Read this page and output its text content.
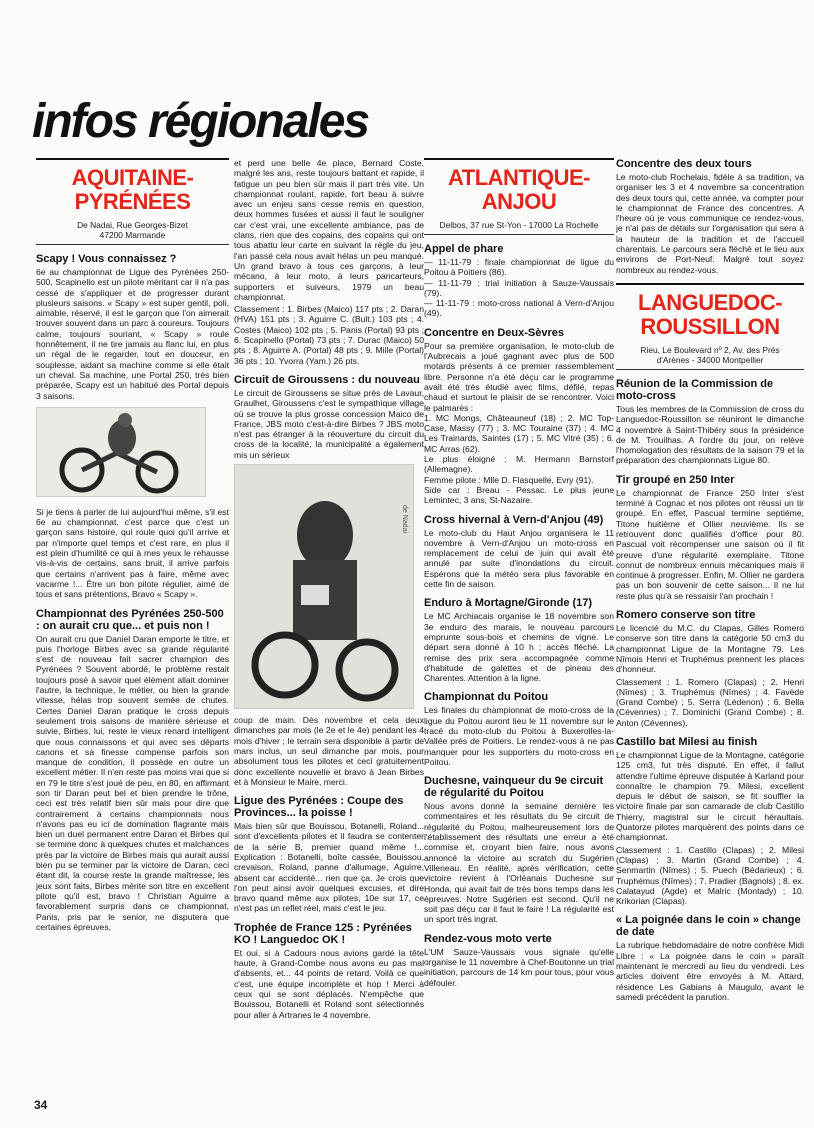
infos régionales
AQUITAINE-
PYRÉNÉES
De Nadai, Rue Georges-Bizet
47200 Marmande
Scapy ! Vous connaissez ?
6e au championnat de Ligue des Pyrénées 250-500, Scapinello est un pilote méritant car il n'a pas cessé de s'appliquer et de progresser durant plusieurs saisons. « Scapy » est super gentil, poli, aimable, réservé, il est le garçon que l'on aimerait trouver souvent dans un parc à coureurs. Toujours calme, toujours souriant, « Scapy » roule honnêtement, il ne tire jamais au flanc lui, en plus un régal de le regarder, tout en douceur, en souplesse, aidant sa machine comme si elle était un cheval. Sa machine, une Portal 250, très bien préparée, Scapy est un habitué des Portal depuis 3 saisons.
Si je tiens à parler de lui aujourd'hui même, s'il est 6e au championnat, c'est parce que c'est un garçon sans histoire, qui roule quoi qu'il arrive et par n'importe quel temps et c'est rare, en plus il est plein d'humilité ce qui à mes yeux le rehausse vis-à-vis de certains, sans bruit, il arrive parfois que certains n'arrivent pas à faire, même avec vacarme !... Être un bon pilote régulier, aimé de tous et sans prétentions, Bravo « Scapy ».
Championnat des Pyrénées 250-500 : on aurait cru que... et puis non !
On aurait cru que Daniel Daran emporte le titre, et puis l'horloge Birbes avec sa grande régularité s'est de nouveau fait sacrer champion des Pyrénées ? Souvent abordé, le problème restait toujours posé à savoir quel élément allait dominer l'autre, la technique, le métier, ou bien la grande vitesse, hélas trop souvent semée de chutes. Certes Daniel Daran pratique le cross depuis seulement trois saisons de manière sérieuse et suivie, Birbes, lui, reste le vieux renard intelligent que nous connaissons et qui avec ses départs canons et sa finesse compense parfois son manque de condition, il possède en outre un excellent métier. Il n'en reste pas moins vrai que si en 79 le titre s'est joué de peu, en 80, en affirmant son tir Daran peut bel et bien prendre le trône, ceci est très relatif bien sûr mais pour dire que contrairement à certains championnats nous n'avons pas eu ici de domination flagrante mais bien un duel permanent entre Daran et Birbes qui se termine donc à quelques chutes et malchances près par la victoire de Birbes mais qui aurait aussi bien pu se terminer par la victoire de Daran, ceci étant dit, la course reste la grande maîtresse, les jeux sont faits, Birbes mérite son titre en excellent pilote qu'il est, bravo ! Christian Aguirre a favorablement surpris dans ce championnat, Panis, pris par le senior, ne disputera que certaines épreuves,
et perd une belle 4e place, Bernard Coste, malgré les ans, reste toujours battant et rapide, il fatigue un peu bien sûr mais il part très vite. Un championnat roulant, rapide, fort beau à suivre avec un enjeu sans cesse remis en question, deux hommes fusées et aussi il faut le souligner car c'est vrai, une excellente ambiance, pas de clans, rien que des copains, des copains qui ont tous abattu leur carte en suivant la règle du jeu, l'an passé cela nous avait hélas un peu manqué. Un grand bravo à tous ces garçons, à leur mécano, à leur moto, à leurs pancarteurs, supporters et suiveurs, 1979 un beau championnat.
Classement : 1. Birbes (Maico) 117 pts ; 2. Daran (HVA) 151 pts ; 3. Aguirre C. (Bult.) 103 pts ; 4. Costes (Maico) 102 pts ; 5. Panis (Portal) 93 pts ; 6. Scapinello (Portal) 73 pts ; 7. Durac (Maico) 50 pts ; 8. Aguirre A. (Portal) 48 pts ; 9. Mille (Portal) 36 pts ; 10. Yvorra (Yam.) 26 pts.
Circuit de Giroussens : du nouveau
Le circuit de Giroussens se situe près de Lavaur, Graulhet, Giroussens c'est le sympathique village où se trouve la plus grosse concession Maico de France, JBS moto c'est-à-dire Birbes ? JBS moto n'est pas étranger à la réouverture du circuit du cross de la localité, la municipalité a également mis un sérieux
de Nadai
coup de main. Dès novembre et cela deux dimanches par mois (le 2e et le 4e) pendant les 4 mois d'hiver ; le terrain sera disponible à partir de mars inclus, un seul dimanche par mois, pour absolument tous les pilotes et ceci gratuitement donc excellente nouvelle et bravo à Jean Birbes et à Monsieur le Maire, merci.
Ligue des Pyrénées : Coupe des Provinces... la poisse !
Mais bien sûr que Bouissou, Botanelli, Roland... sont d'excellents pilotes et il faudra se contenter de la série B, premier quand même !... Explication : Botanelli, boîte cassée, Bouissou, crevaison, Roland, panne d'allumage, Aguirre, absent car accidenté... rien que ça. Je crois que l'on peut ainsi avoir quelques excuses, et dire bravo quand même aux pilotes, 10e sur 17, ce n'est pas un reflet réel, mais c'est le jeu.
Trophée de France 125 : Pyrénées KO ! Languedoc OK !
Et oui, si à Cadours nous avions gardé la tête haute, à Grand-Combe nous avons eu pas mal d'absents, et... 44 points de retard. Voilà ce que c'est, une équipe incomplète et hop ! Merci à ceux qui se sont déplacés. N'empêche que Bouissou, Botanelli et Roland sont sélectionnés pour aller à Artranes le 4 novembre.
ATLANTIQUE-
ANJOU
Delbos, 37 rue St-Yon - 17000 La Rochelle
Appel de phare
— 11-11-79 : finale championnat de ligue du Poitou à Poitiers (86).
— 11-11-79 : trial initiation à Sauze-Vaussais (79).
— 11-11-79 : moto-cross national à Vern-d'Anjou (49).
Concentre en Deux-Sèvres
Pour sa première organisation, le moto-club de l'Aubrecais a joué gagnant avec plus de 500 motards présents à ce premier rassemblement libre. Personne n'a été déçu car le programme avait été très étudié avec films, défilé, repas chaud et surtout le plaisir de se rencontrer. Voici le palmarès :
1. MC Mongs, Châteauneuf (18) ; 2. MC Top-Case, Massy (77) ; 3. MC Touraine (37) ; 4. MC Les Trainards, Saintes (17) ; 5. MC Vitré (35) ; 6. MC Arras (62).
Le plus éloigné : M. Hermann Barnstorf (Allemagne).
Femme pilote : Mlle D. Flasquelle, Evry (91).
Side car : Breau - Pessac. Le plus jeune Lemintec, 3 ans, St-Nazaire.
Cross hivernal à Vern-d'Anjou (49)
Le moto-club du Haut Anjou organisera le 11 novembre à Vern-d'Anjou un moto-cross en remplacement de celui de juin qui avait été annulé par suite d'inondations du circuit. Espérons que la météo sera plus favorable en cette fin de saison.
Enduro à Mortagne/Gironde (17)
Le MC Archiacais organise le 18 novembre son 3e enduro des marais, le nouveau parcours emprunte sous-bois et chemins de vigne. Le départ sera donné à 10 h ; accès fléché. La remise des prix sera accompagnée comme d'habitude de galettes et de pineau des Charentes. Attention à la ligne.
Championnat du Poitou
Les finales du championnat de moto-cross de la ligue du Poitou auront lieu le 11 novembre sur le tracé du moto-club du Poitou à Buxerolles-la-Vallée près de Poitiers. Le rendez-vous à ne pas manquer pour les supporters du moto-cross en Poitou.
Duchesne, vainqueur du 9e circuit de régularité du Poitou
Nous avons donné la semaine dernière les commentaires et les résultats du 9e circuit de régularité du Poitou, malheureusement lors de l'établissement des résultats une erreur a été commise et, croyant bien faire, nous avons annoncé la victoire au scratch du Sugérien Villeneau. En réalité, après vérification, cette victoire revient à l'Orléanais Duchesne sur Honda, qui avait fait de très bons temps dans les épreuves. Notre Sugérien est second. Qu'il ne soit pas déçu car il faut le faire ! La régularité est un sport très ingrat.
Rendez-vous moto verte
L'UM Sauze-Vaussais vous signale qu'elle organise le 11 novembre à Chef-Boutonne un trial initiation, parcours de 14 km pour tous, pour vous défouler.
Concentre des deux tours
Le moto-club Rochelais, fidèle à sa tradition, va organiser les 3 et 4 novembre sa concentration des deux tours qui, cette année, va compter pour le championnat de France des concentres. A l'heure où je vous communique ce rendez-vous, je n'ai pas de détails sur l'organisation qui sera à la hauteur de la tradition et de l'accueil charentais. Le parcours sera fléché et le lieu aux environs de Port-Neuf. Malgré tout soyez nombreux au rendez-vous.
LANGUEDOC-
ROUSSILLON
Rieu, Le Boulevard nº 2, Av. des Prés
d'Arènes - 34000 Montpellier
Réunion de la Commission de moto-cross
Tous les membres de la Commission de cross du Languedoc-Roussillon se réuniront le dimanche 4 novembre à Saint-Thibéry sous la présidence de M. Trouilhas. A l'ordre du jour, on relève l'homologation des résultats de la saison 79 et la préparation des championnats Ligue 80.
Tir groupé en 250 Inter
Le championnat de France 250 Inter s'est terminé à Cognac et nos pilotes ont réussi un tir groupé. En effet, Pascual termine septième, Titone huitième et Ollier neuvième. Ils se retrouvent donc qualifiés d'office pour 80. Pascual voit récompenser une saison où il fit preuve d'une régularité exemplaire. Titone connut de nombreux ennuis mécaniques mais il continue à progresser. Enfin, M. Ollier ne gardera pas un bon souvenir de cette saison... Il ne lui reste plus qu'à se ressaisir l'an prochain !
Romero conserve son titre
Le licencié du M.C. du Clapas, Gilles Romero conserve son titre dans la catégorie 50 cm3 du championnat Ligue de la Montagne 79. Les Nîmois Henri et Truphémus prennent les places d'honneur.
Classement : 1. Romero (Clapas) ; 2. Henri (Nîmes) ; 3. Truphémus (Nîmes) ; 4. Favède (Grand Combe) ; 5. Serra (Lédenon) ; 6. Bella (Cévennes) ; 7. Dominichi (Grand Combe) ; 8. Anton (Cévennes).
Castillo bat Milesi au finish
Le championnat Ligue de la Montagne, catégorie 125 cm3, fut très disputé. En effet, il fallut attendre l'ultime épreuve disputée à Karland pour connaître le champion 79. Milesi, excellent depuis le début de saison, se fit souffler la victoire finale par son camarade de club Castillo Thierry, magistral sur le circuit héraultais. Quatorze pilotes marquèrent des points dans ce championnat.
Classement : 1. Castillo (Clapas) ; 2. Milesi (Clapas) ; 3. Martin (Grand Combe) ; 4. Senmartin (Nîmes) ; 5. Puech (Bédarieux) ; 6. Truphémus (Nîmes) ; 7. Pradier (Bagnols) ; 8. ex. Calatayud (Agde) et Malric (Montady) ; 10. Krikorian (Clapas).
« La poignée dans le coin » change de date
La rubrique hebdomadaire de notre confrère Midi Libre : « La poignée dans le coin » paraît maintenant le mercredi au lieu du vendredi. Les articles doivent être envoyés à M. Attard, résidence Les Gabians à Maugulo, avant le samedi précédent la parution.
34
